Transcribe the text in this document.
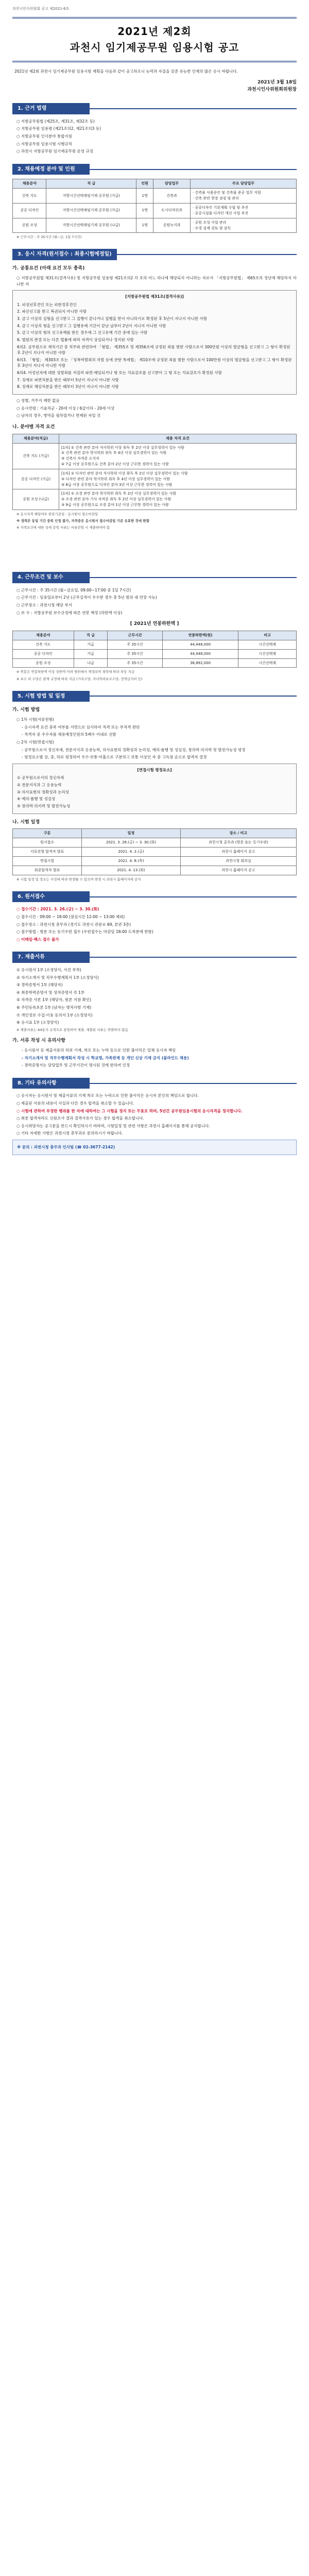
과천시인사위원회 공고 제2021-6호
2021년 제2회
과천시 임기제공무원 임용시험 공고
2021년 제2회 과천시 임기제공무원 임용시험 계획을 다음과 같이 공고하오니 능력과 자질을 갖춘 유능한 인재의 많은 응시 바랍니다.
2021년 3월 18일
과천시인사위원회위원장
1. 근거 법령
○ 지방공무원법 (제25조, 제31조, 제32조 등)
○ 지방공무원 임용령 (제21조의2, 제21조의3 등)
○ 지방공무원 인사분야 통합지침
○ 지방공무원 임용시험 시행규칙
○ 과천시 지방공무원 임기제공무원 운영 규정
2. 채용예정 분야 및 인원
채용분야	직 급	인원	담당업무	주요 담당업무
건축 지도	지방시간선택제임기제 공무원 (가급)	1명	건축과	· 건축물 사용승인 및 건축물 준공 업무 지원
· 건축 관련 현장 점검 및 관리
공공 디자인	지방시간선택제임기제 공무원 (가급)	1명	도시디자인과	· 공공디자인 기본계획 수립 및 추진
· 공공시설물 디자인 개선 사업 추진
공원 조성	지방시간선택제임기제 공무원 (나급)	1명	공원녹지과	· 공원 조성 사업 관리
· 조경 설계 검토 및 감독
※ 근무시간 : 주 35시간 (월~금, 1일 7시간)
3. 응시 자격(원서접수 : 최종시험예정일)
가. 공통요건 (아래 요건 모두 충족)
○ 지방공무원법 제31조(결격사유) 및 지방공무원 임용령 제21조의2 각 호의 어느 하나에 해당되지 아니하는 자로서 「지방공무원법」 제65조의 정년에 해당하지 아니한 자
[지방공무원법 제31조(결격사유)]

1. 피성년후견인 또는 피한정후견인

2. 파산선고를 받고 복권되지 아니한 사람

3. 금고 이상의 실형을 선고받고 그 집행이 끝나거나 집행을 받지 아니하기로 확정된 후 5년이 지나지 아니한 사람

4. 금고 이상의 형을 선고받고 그 집행유예 기간이 끝난 날부터 2년이 지나지 아니한 사람

5. 금고 이상의 형의 선고유예를 받은 경우에 그 선고유예 기간 중에 있는 사람

6. 법원의 판결 또는 다른 법률에 따라 자격이 상실되거나 정지된 사람

6의2. 공무원으로 재직기간 중 직무와 관련하여 「형법」 제355조 및 제356조에 규정된 죄를 범한 사람으로서 300만원 이상의 벌금형을 선고받고 그 형이 확정된 후 2년이 지나지 아니한 사람

6의3. 「형법」 제303조 또는 「성폭력범죄의 처벌 등에 관한 특례법」 제10조에 규정된 죄를 범한 사람으로서 100만원 이상의 벌금형을 선고받고 그 형이 확정된 후 3년이 지나지 아니한 사람

6의4. 미성년자에 대한 성범죄를 저질러 파면·해임되거나 형 또는 치료감호를 선고받아 그 형 또는 치료감호가 확정된 사람

7. 징계로 파면처분을 받은 때부터 5년이 지나지 아니한 사람

8. 징계로 해임처분을 받은 때부터 3년이 지나지 아니한 사람

○ 성별, 거주지 제한 없음
○ 응시연령 : 기술직군 - 20세 이상 / 6급이하 - 20세 이상
○ 남자의 경우, 병역을 필하였거나 면제된 자일 것
나. 분야별 자격 요건
채용분야(직급)	채용 자격 요건
건축 지도 (가급)	[1차] ① 건축 관련 분야 석사학위 이상 취득 후 2년 이상 실무경력이 있는 사람
② 건축 관련 분야 학사학위 취득 후 4년 이상 실무경력이 있는 사람
③ 건축사 자격증 소지자
④ 7급 이상 공무원으로 건축 분야 2년 이상 근무한 경력이 있는 사람
공공 디자인 (가급)	[1차] ① 디자인 관련 분야 석사학위 이상 취득 후 2년 이상 실무경력이 있는 사람
② 디자인 관련 분야 학사학위 취득 후 4년 이상 실무경력이 있는 사람
③ 8급 이상 공무원으로 디자인 분야 3년 이상 근무한 경력이 있는 사람
공원 조성 (나급)	[1차] ① 조경 관련 분야 학사학위 취득 후 2년 이상 실무경력이 있는 사람
② 조경 관련 분야 기사 자격증 취득 후 2년 이상 실무경력이 있는 사람
③ 9급 이상 공무원으로 조경 분야 1년 이상 근무한 경력이 있는 사람
※ 응시자격 해당여부 판단기준일 : 응시원서 접수마감일
※ 경력은 동일 기간 중복 인정 불가, 자격증은 응시원서 접수마감일 기준 유효한 것에 한함
※ 자격요건에 대한 상세 증빙 서류는 서류전형 시 제출하여야 함
4. 근무조건 및 보수
○ 근무시간 : 주 35시간 (월~금요일, 09:00~17:00 중 1일 7시간)
○ 근무기간 : 임용일로부터 2년 (근무실적이 우수한 경우 총 5년 범위 내 연장 가능)
○ 근무장소 : 과천시청 해당 부서
○ 보 수 : 지방공무원 보수규정에 따른 연봉 책정 (하한액 이상)
[ 2021년 연봉하한액 ]
채용분야	직 급	근무시간	연봉하한액(원)	비고
건축 지도	가급	주 35시간	44,448,000	시간선택제
공공 디자인	가급	주 35시간	44,448,000	시간선택제
공원 조성	나급	주 35시간	38,892,000	시간선택제
※ 연봉은 연봉하한액 이상 상한액 이하 범위에서 책정되며 경력에 따라 차등 지급
※ 보수 외 수당은 관계 규정에 따라 지급 (가족수당, 자녀학비보조수당, 정액급식비 등)
5. 시험 방법 및 일정
가. 시험 방법
○ 1차 시험(서류전형)
- 응시자격 요건 충족 여부를 서면으로 심사하여 적격 또는 부적격 판단
- 적격자 중 우수자를 채용예정인원의 5배수 이내로 선발
○ 2차 시험(면접시험)
- 공무원으로서 정신자세, 전문지식과 응용능력, 의사표현의 정확성과 논리성, 예의·품행 및 성실성, 창의력·의지력 및 발전가능성 평정
- 평정요소별 상, 중, 하로 평정하여 우수·보통·미흡으로 구분하고 보통 이상인 자 중 고득점 순으로 합격자 결정
[면접시험 평정요소]

① 공무원으로서의 정신자세

② 전문지식과 그 응용능력

③ 의사표현의 정확성과 논리성

④ 예의·품행 및 성실성

⑤ 창의력·의지력 및 발전가능성

나. 시험 일정
구분	일정	장소 / 비고
원서접수	2021. 3. 26.(금) ~ 3. 30.(화)	과천시청 총무과 (방문 또는 등기우편)
서류전형 합격자 발표	2021. 4. 2.(금)	과천시 홈페이지 공고
면접시험	2021. 4. 8.(목)	과천시청 회의실
최종합격자 발표	2021. 4. 13.(화)	과천시 홈페이지 공고
※ 시험 일정 및 장소는 사정에 따라 변경될 수 있으며 변경 시 과천시 홈페이지에 공지
6. 원서접수
○ 접수기간 : 2021. 3. 26.(금) ~ 3. 30.(화)
○ 접수시간 : 09:00 ~ 18:00 (점심시간 12:00 ~ 13:00 제외)
○ 접수장소 : 과천시청 총무과 (경기도 과천시 관문로 69, 본관 3층)
○ 접수방법 : 방문 또는 등기우편 접수 (우편접수는 마감일 18:00 도착분에 한함)
○ 이메일·팩스 접수 불가
7. 제출서류
① 응시원서 1부 (소정양식, 사진 부착)
② 자기소개서 및 직무수행계획서 1부 (소정양식)
③ 경력증명서 1부 (해당자)
④ 최종학력증명서 및 성적증명서 각 1부
⑤ 자격증 사본 1부 (해당자, 원본 지참 확인)
⑥ 주민등록초본 1부 (남자는 병적사항 기재)
⑦ 개인정보 수집·이용 동의서 1부 (소정양식)
⑧ 응시표 1부 (소정양식)
※ 제출서류는 A4용지 규격으로 통일하여 제출, 제출된 서류는 반환하지 않음
가. 서류 작성 시 유의사항
- 응시원서 등 제출서류의 허위 기재, 착오 또는 누락 등으로 인한 불이익은 일체 응시자 책임
- 자기소개서 및 직무수행계획서 작성 시 학교명, 가족관계 등 개인 신상 기재 금지 (블라인드 채용)
- 경력증명서는 담당업무 및 근무기간이 명시된 것에 한하여 인정
8. 기타 유의사항
○ 응시자는 응시원서 및 제출서류의 기재 착오 또는 누락으로 인한 불이익은 응시자 본인의 책임으로 합니다.
○ 제출된 서류의 내용이 사실과 다른 경우 합격을 취소할 수 있습니다.
○ 시험에 관하여 부정한 행위를 한 자에 대하여는 그 시험을 정지 또는 무효로 하며, 5년간 공무원임용시험의 응시자격을 정지합니다.
○ 최종 합격자라도 신원조사 결과 결격사유가 있는 경우 합격을 취소합니다.
○ 응시희망자는 공고문을 반드시 확인하시기 바라며, 시험일정 및 관련 사항은 과천시 홈페이지를 통해 공지합니다.
○ 기타 자세한 사항은 과천시청 총무과로 문의하시기 바랍니다.

※ 문의 : 과천시청 총무과 인사팀 (☎ 02-3677-2142)
